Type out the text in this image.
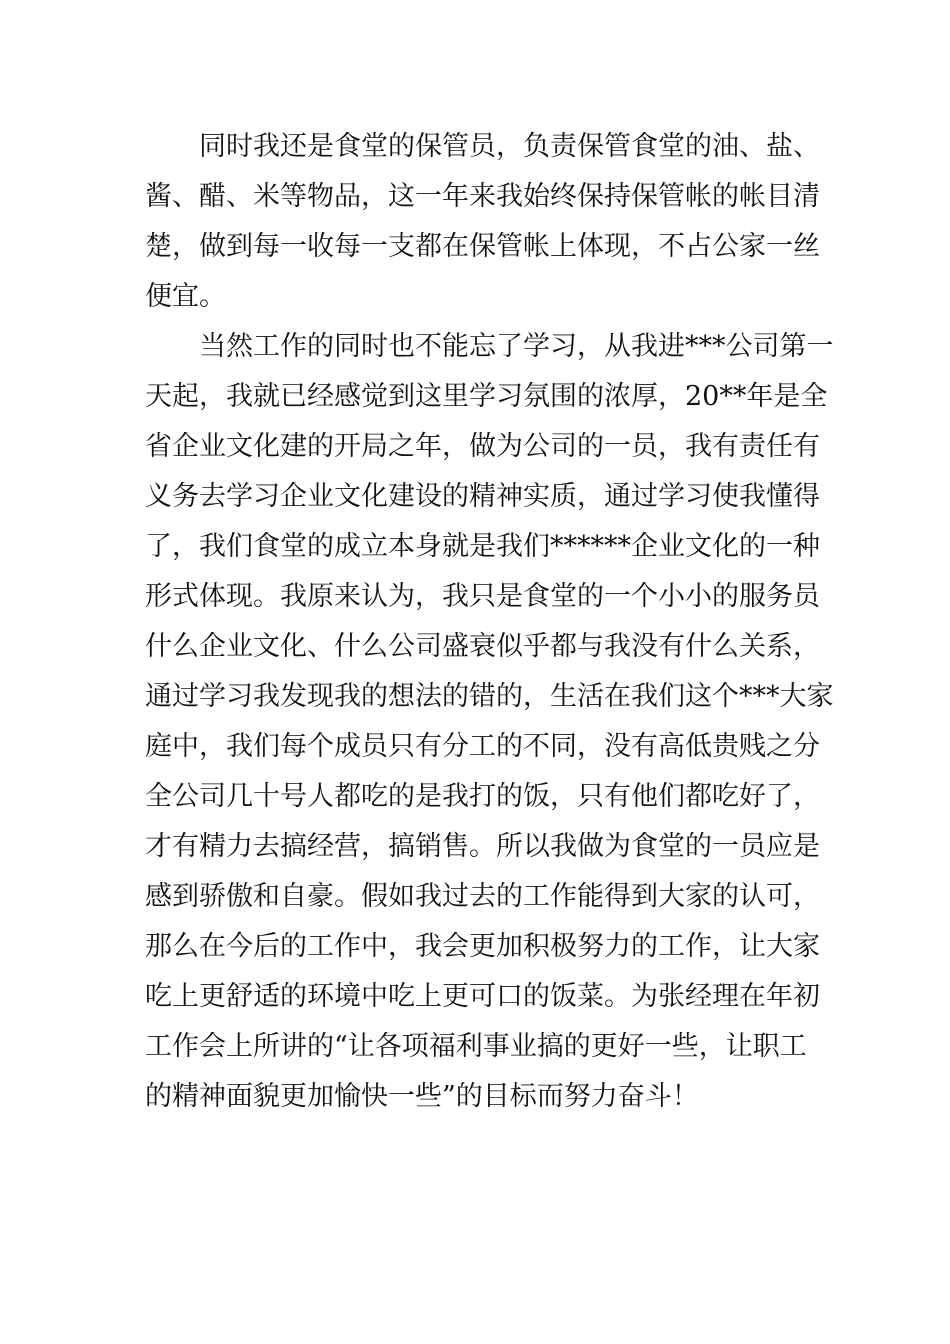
同时我还是食堂的保管员，负责保管食堂的油、盐、
酱、醋、米等物品，这一年来我始终保持保管帐的帐目清
楚，做到每一收每一支都在保管帐上体现，不占公家一丝
便宜。
当然工作的同时也不能忘了学习，从我进***公司第一
天起，我就已经感觉到这里学习氛围的浓厚，20**年是全
省企业文化建的开局之年，做为公司的一员，我有责任有
义务去学习企业文化建设的精神实质，通过学习使我懂得
了，我们食堂的成立本身就是我们******企业文化的一种
形式体现。我原来认为，我只是食堂的一个小小的服务员
什么企业文化、什么公司盛衰似乎都与我没有什么关系，
通过学习我发现我的想法的错的，生活在我们这个***大家
庭中，我们每个成员只有分工的不同，没有高低贵贱之分
全公司几十号人都吃的是我打的饭，只有他们都吃好了，
才有精力去搞经营，搞销售。所以我做为食堂的一员应是
感到骄傲和自豪。假如我过去的工作能得到大家的认可，
那么在今后的工作中，我会更加积极努力的工作，让大家
吃上更舒适的环境中吃上更可口的饭菜。为张经理在年初
工作会上所讲的“让各项福利事业搞的更好一些，让职工
的精神面貌更加愉快一些”的目标而努力奋斗！
